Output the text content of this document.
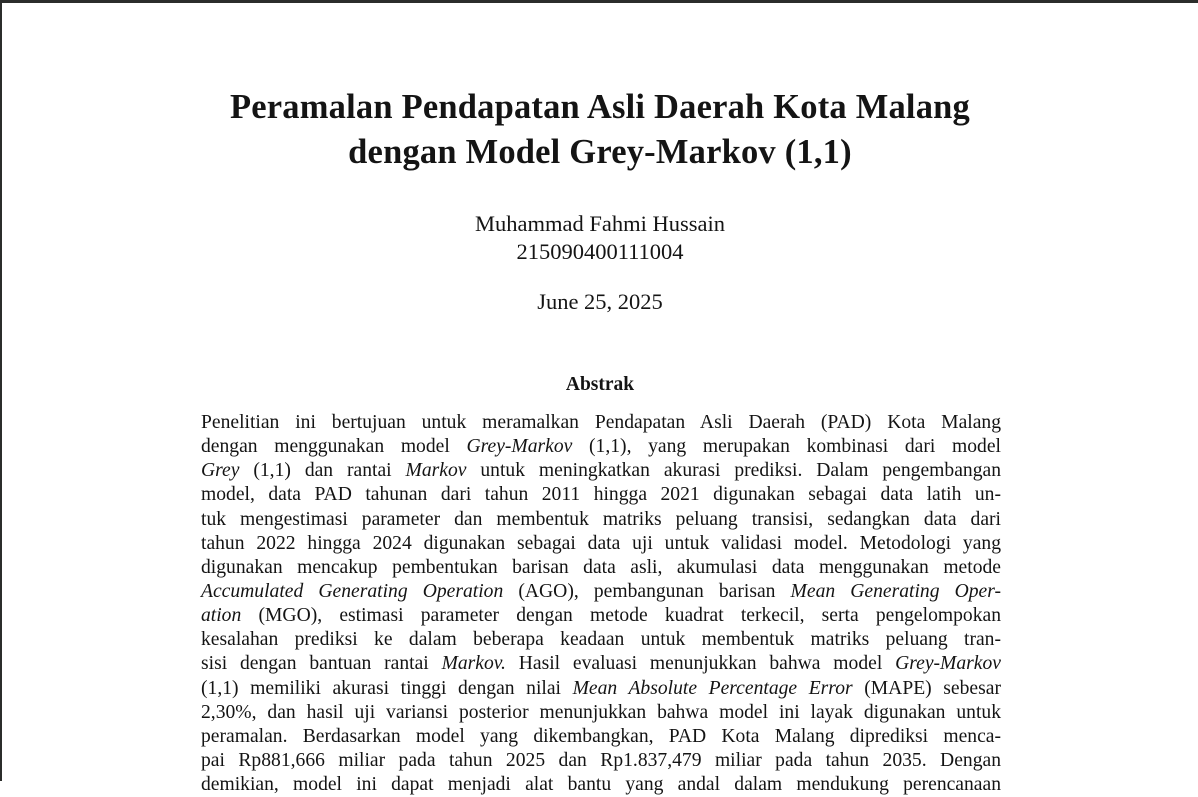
Peramalan Pendapatan Asli Daerah Kota Malang
dengan Model Grey-Markov (1,1)
Muhammad Fahmi Hussain
215090400111004
June 25, 2025
Abstrak
Penelitian ini bertujuan untuk meramalkan Pendapatan Asli Daerah (PAD) Kota Malang
dengan menggunakan model Grey-Markov (1,1), yang merupakan kombinasi dari model
Grey (1,1) dan rantai Markov untuk meningkatkan akurasi prediksi. Dalam pengembangan
model, data PAD tahunan dari tahun 2011 hingga 2021 digunakan sebagai data latih un-
tuk mengestimasi parameter dan membentuk matriks peluang transisi, sedangkan data dari
tahun 2022 hingga 2024 digunakan sebagai data uji untuk validasi model. Metodologi yang
digunakan mencakup pembentukan barisan data asli, akumulasi data menggunakan metode
Accumulated Generating Operation (AGO), pembangunan barisan Mean Generating Oper-
ation (MGO), estimasi parameter dengan metode kuadrat terkecil, serta pengelompokan
kesalahan prediksi ke dalam beberapa keadaan untuk membentuk matriks peluang tran-
sisi dengan bantuan rantai Markov. Hasil evaluasi menunjukkan bahwa model Grey-Markov
(1,1) memiliki akurasi tinggi dengan nilai Mean Absolute Percentage Error (MAPE) sebesar
2,30%, dan hasil uji variansi posterior menunjukkan bahwa model ini layak digunakan untuk
peramalan. Berdasarkan model yang dikembangkan, PAD Kota Malang diprediksi menca-
pai Rp881,666 miliar pada tahun 2025 dan Rp1.837,479 miliar pada tahun 2035. Dengan
demikian, model ini dapat menjadi alat bantu yang andal dalam mendukung perencanaan
